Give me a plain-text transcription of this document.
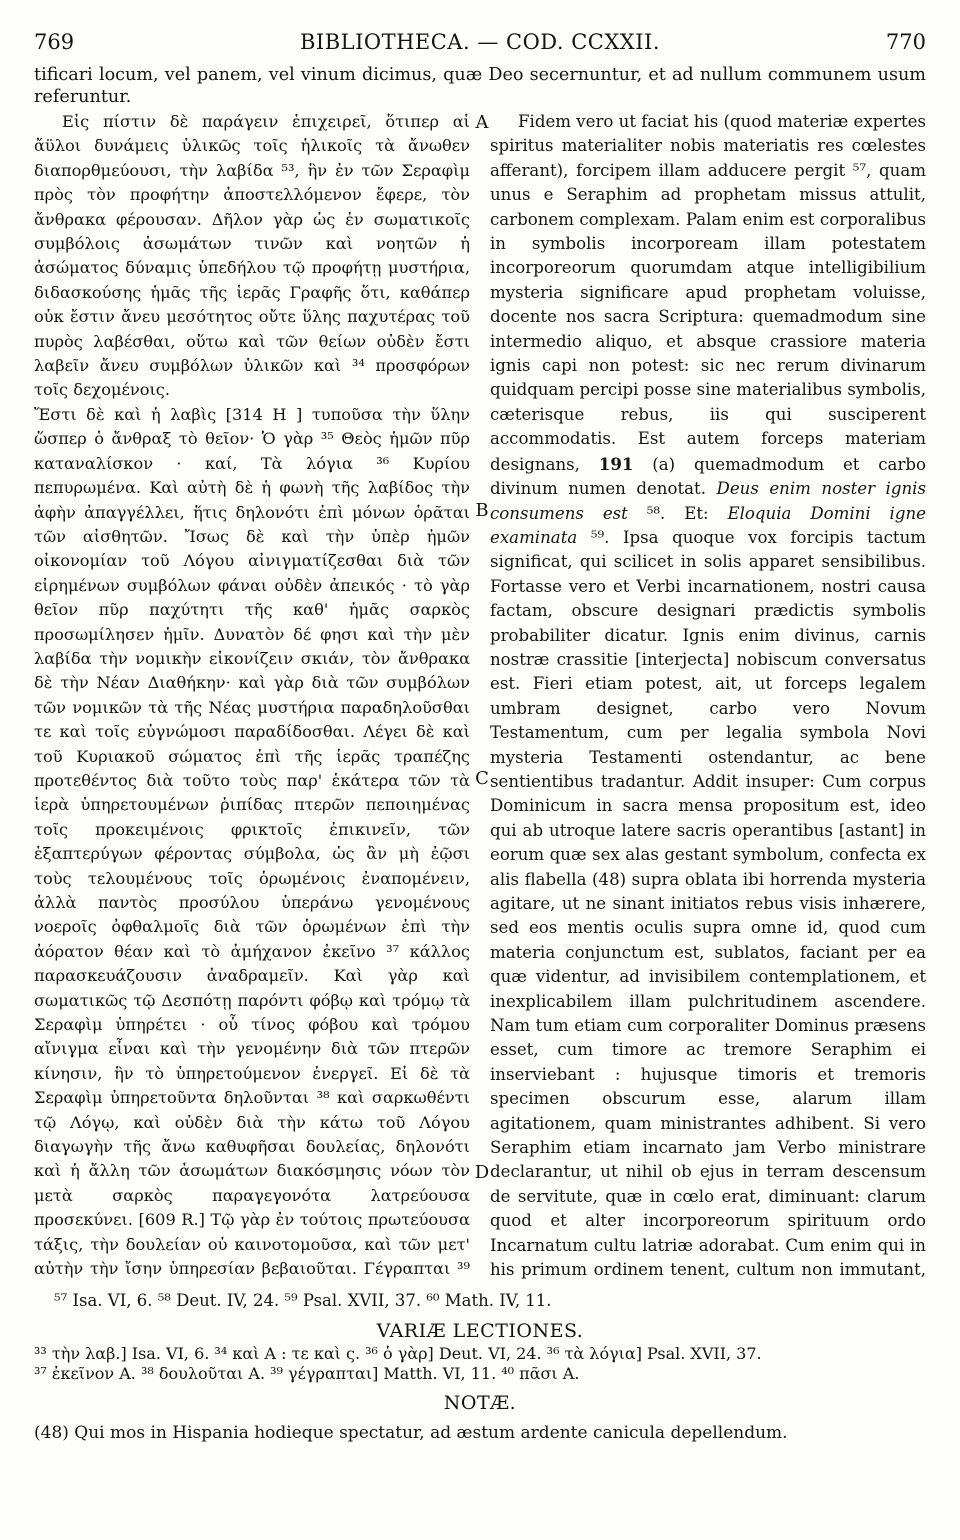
769	BIBLIOTHECA. — COD. CCXXII.	770
tificari locum, vel panem, vel vinum dicimus, quæ Deo secernuntur, et ad nullum communem usum referuntur.

Εἰς πίστιν δὲ παράγειν ἐπιχειρεῖ, ὅτιπερ αἱ ἄϋλοι δυνάμεις ὑλικῶς τοῖς ἡλικοῖς τὰ ἄνωθεν διαπορθμεύουσι, τὴν λαβίδα ⁵³, ἣν ἐν τῶν Σεραφὶμ πρὸς τὸν προφήτην ἀποστελλόμενον ἔφερε, τὸν ἄνθρακα φέρουσαν. Δῆλον γὰρ ὡς ἐν σωματικοῖς συμβόλοις ἀσωμάτων τινῶν καὶ νοητῶν ἡ ἀσώματος δύναμις ὑπεδήλου τῷ προφήτῃ μυστήρια, διδασκούσης ἡμᾶς τῆς ἱερᾶς Γραφῆς ὅτι, καθάπερ οὐκ ἔστιν ἄνευ μεσότητος οὔτε ὕλης παχυτέρας τοῦ πυρὸς λαβέσθαι, οὕτω καὶ τῶν θείων οὐδὲν ἔστι λαβεῖν ἄνευ συμβόλων ὑλικῶν καὶ ³⁴ προσφόρων τοῖς δεχομένοις.

Ἔστι δὲ καὶ ἡ λαβὶς [314 H ] τυποῦσα τὴν ὕλην ὥσπερ ὁ ἄνθραξ τὸ θεῖον· Ὁ γὰρ ³⁵ Θεὸς ἡμῶν πῦρ καταναλίσκον · καί, Τὰ λόγια ³⁶ Κυρίου πεπυρωμένα. Καὶ αὐτὴ δὲ ἡ φωνὴ τῆς λαβίδος τὴν ἀφὴν ἀπαγγέλλει, ἥτις δηλονότι ἐπὶ μόνων ὁρᾶται τῶν αἰσθητῶν. Ἴσως δὲ καὶ τὴν ὑπὲρ ἡμῶν οἰκονομίαν τοῦ Λόγου αἰνιγματίζεσθαι διὰ τῶν εἰρημένων συμβόλων φάναι οὐδὲν ἀπεικός · τὸ γὰρ θεῖον πῦρ παχύτητι τῆς καθ' ἡμᾶς σαρκὸς προσωμίλησεν ἡμῖν. Δυνατὸν δέ φησι καὶ τὴν μὲν λαβίδα τὴν νομικὴν εἰκονίζειν σκιάν, τὸν ἄνθρακα δὲ τὴν Νέαν Διαθήκην· καὶ γὰρ διὰ τῶν συμβόλων τῶν νομικῶν τὰ τῆς Νέας μυστήρια παραδηλοῦσθαι τε καὶ τοῖς εὐγνώμοσι παραδίδοσθαι. Λέγει δὲ καὶ τοῦ Κυριακοῦ σώματος ἐπὶ τῆς ἱερᾶς τραπέζης προτεθέντος διὰ τοῦτο τοὺς παρ' ἑκάτερα τῶν τὰ ἱερὰ ὑπηρετουμένων ῥιπίδας πτερῶν πεποιημένας τοῖς προκειμένοις φρικτοῖς ἐπικινεῖν, τῶν ἑξαπτερύγων φέροντας σύμβολα, ὡς ἂν μὴ ἐῷσι τοὺς τελουμένους τοῖς ὁρωμένοις ἐναπομένειν, ἀλλὰ παντὸς προσύλου ὑπεράνω γενομένους νοεροῖς ὀφθαλμοῖς διὰ τῶν ὁρωμένων ἐπὶ τὴν ἀόρατον θέαν καὶ τὸ ἀμήχανον ἐκεῖνο ³⁷ κάλλος παρασκευάζουσιν ἀναδραμεῖν. Καὶ γὰρ καὶ σωματικῶς τῷ Δεσπότῃ παρόντι φόβῳ καὶ τρόμῳ τὰ Σεραφὶμ ὑπηρέτει · οὗ τίνος φόβου καὶ τρόμου αἴνιγμα εἶναι καὶ τὴν γενομένην διὰ τῶν πτερῶν κίνησιν, ἣν τὸ ὑπηρετούμενον ἐνεργεῖ. Εἰ δὲ τὰ Σεραφὶμ ὑπηρετοῦντα δηλοῦνται ³⁸ καὶ σαρκωθέντι τῷ Λόγῳ, καὶ οὐδὲν διὰ τὴν κάτω τοῦ Λόγου διαγωγὴν τῆς ἄνω καθυφῆσαι δουλείας, δηλονότι καὶ ἡ ἄλλη τῶν ἀσωμάτων διακόσμησις νόων τὸν μετὰ σαρκὸς παραγεγονότα λατρεύουσα προσεκύνει. [609 R.] Τῷ γὰρ ἐν τούτοις πρωτεύουσα τάξις, τὴν δουλείαν οὐ καινοτομοῦσα, καὶ τῶν μετ' αὐτὴν τὴν ἴσην ὑπηρεσίαν βεβαιοῦται. Γέγραπται ³⁹

A
B
C
D

Fidem vero ut faciat his (quod materiæ expertes spiritus materialiter nobis materiatis res cœlestes afferant), forcipem illam adducere pergit ⁵⁷, quam unus e Seraphim ad prophetam missus attulit, carbonem complexam. Palam enim est corporalibus in symbolis incorpoream illam potestatem incorporeorum quorumdam atque intelligibilium mysteria significare apud prophetam voluisse, docente nos sacra Scriptura: quemadmodum sine intermedio aliquo, et absque crassiore materia ignis capi non potest: sic nec rerum divinarum quidquam percipi posse sine materialibus symbolis, cæterisque rebus, iis qui susciperent accommodatis. Est autem forceps materiam designans, 191 (a) quemadmodum et carbo divinum numen denotat. Deus enim noster ignis consumens est ⁵⁸. Et: Eloquia Domini igne examinata ⁵⁹. Ipsa quoque vox forcipis tactum significat, qui scilicet in solis apparet sensibilibus. Fortasse vero et Verbi incarnationem, nostri causa factam, obscure designari prædictis symbolis probabiliter dicatur. Ignis enim divinus, carnis nostræ crassitie [interjecta] nobiscum conversatus est. Fieri etiam potest, ait, ut forceps legalem umbram designet, carbo vero Novum Testamentum, cum per legalia symbola Novi mysteria Testamenti ostendantur, ac bene sentientibus tradantur. Addit insuper: Cum corpus Dominicum in sacra mensa propositum est, ideo qui ab utroque latere sacris operantibus [astant] in eorum quæ sex alas gestant symbolum, confecta ex alis flabella (48) supra oblata ibi horrenda mysteria agitare, ut ne sinant initiatos rebus visis inhærere, sed eos mentis oculis supra omne id, quod cum materia conjunctum est, sublatos, faciant per ea quæ videntur, ad invisibilem contemplationem, et inexplicabilem illam pulchritudinem ascendere. Nam tum etiam cum corporaliter Dominus præsens esset, cum timore ac tremore Seraphim ei inserviebant : hujusque timoris et tremoris specimen obscurum esse, alarum illam agitationem, quam ministrantes adhibent. Si vero Seraphim etiam incarnato jam Verbo ministrare declarantur, ut nihil ob ejus in terram descensum de servitute, quæ in cœlo erat, diminuant: clarum quod et alter incorporeorum spirituum ordo Incarnatum cultu latriæ adorabat. Cum enim qui in his primum ordinem tenent, cultum non immutant,

⁵⁷ Isa. VI, 6. ⁵⁸ Deut. IV, 24. ⁵⁹ Psal. XVII, 37. ⁶⁰ Math. IV, 11.
VARIÆ LECTIONES.
³³ τὴν λαβ.] Isa. VI, 6. ³⁴ καὶ A : τε καὶ ς. ³⁶ ὁ γὰρ] Deut. VI, 24. ³⁶ τὰ λόγια] Psal. XVII, 37.
³⁷ ἐκεῖνον A. ³⁸ δουλοῦται A. ³⁹ γέγραπται] Matth. VI, 11. ⁴⁰ πᾶσι A.
NOTÆ.
(48) Qui mos in Hispania hodieque spectatur, ad æstum ardente canicula depellendum.
